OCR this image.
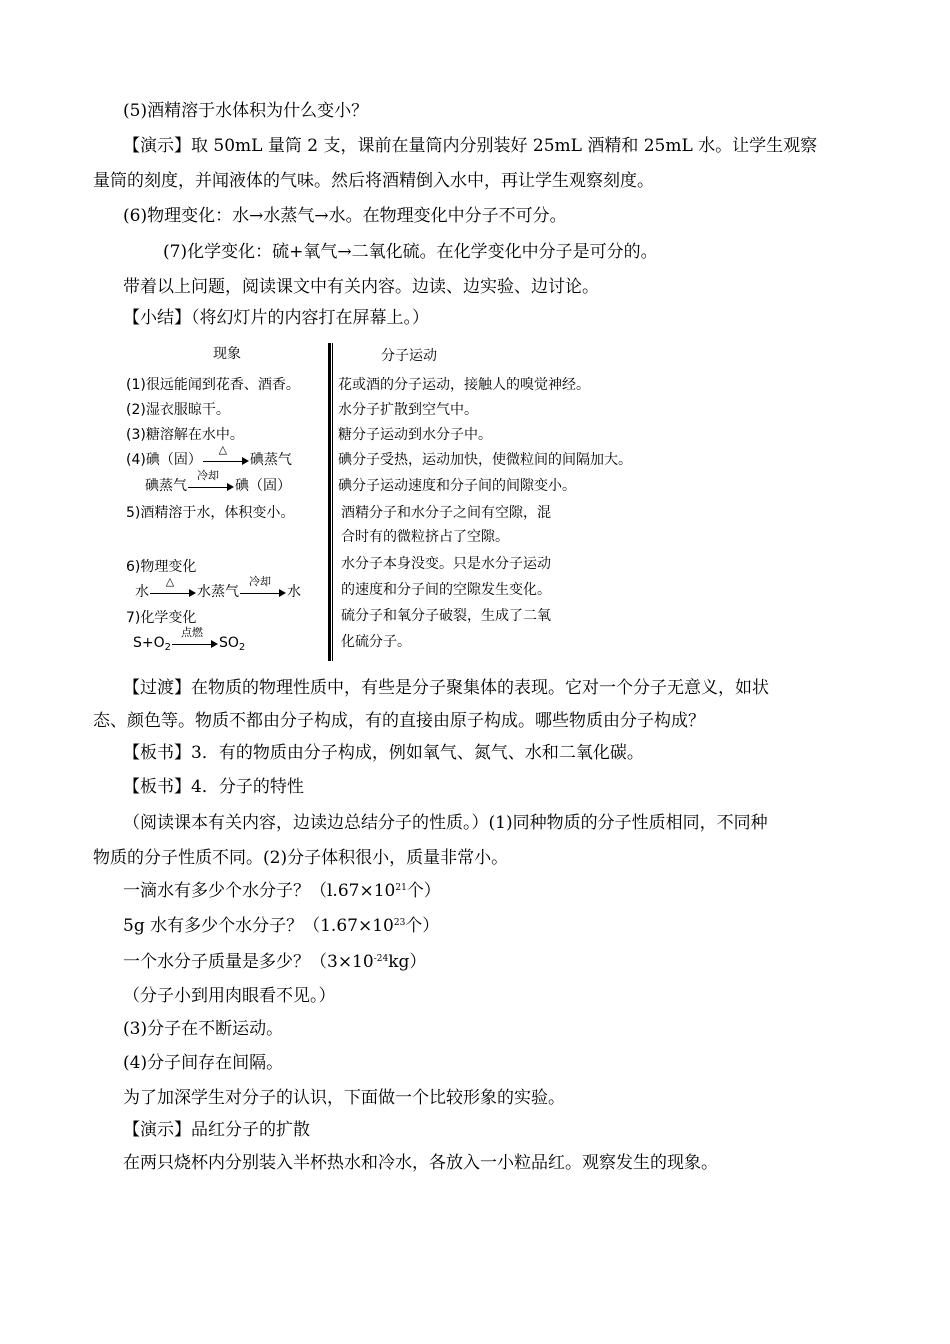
(5)酒精溶于水体积为什么变小？
【演示】取 50mL 量筒 2 支，课前在量筒内分别装好 25mL 酒精和 25mL 水。让学生观察
量筒的刻度，并闻液体的气味。然后将酒精倒入水中，再让学生观察刻度。
(6)物理变化：水→水蒸气→水。在物理变化中分子不可分。
(7)化学变化：硫+氧气→二氧化硫。在化学变化中分子是可分的。
带着以上问题，阅读课文中有关内容。边读、边实验、边讨论。
【小结】（将幻灯片的内容打在屏幕上。）
现象	分子运动
(1)很远能闻到花香、酒香。
(2)湿衣服晾干。
(3)糖溶解在水中。
(4)碘（固）
△
碘蒸气
碘蒸气
冷却
碘（固）
5)酒精溶于水，体积变小。
6)物理变化
水
△
水蒸气
冷却
水
7)化学变化
$S+O_2$
点燃
$SO_2$
花或酒的分子运动，接触人的嗅觉神经。
水分子扩散到空气中。
糖分子运动到水分子中。
碘分子受热，运动加快，使微粒间的间隔加大。
碘分子运动速度和分子间的间隙变小。
酒精分子和水分子之间有空隙，混
合时有的微粒挤占了空隙。
水分子本身没变。只是水分子运动
的速度和分子间的空隙发生变化。
硫分子和氧分子破裂，生成了二氧
化硫分子。
【过渡】在物质的物理性质中，有些是分子聚集体的表现。它对一个分子无意义，如状
态、颜色等。物质不都由分子构成，有的直接由原子构成。哪些物质由分子构成？
【板书】3．有的物质由分子构成，例如氧气、氮气、水和二氧化碳。
【板书】4．分子的特性
（阅读课本有关内容，边读边总结分子的性质。）(1)同种物质的分子性质相同，不同种
物质的分子性质不同。(2)分子体积很小，质量非常小。
一滴水有多少个水分子？（$l.67\times 10^{21}$个）
5g 水有多少个水分子？（$1.67\times 10^{23}$个）
一个水分子质量是多少？$(3\times 10^{-24}kg)$
（分子小到用肉眼看不见。）
(3)分子在不断运动。
(4)分子间存在间隔。
为了加深学生对分子的认识，下面做一个比较形象的实验。
【演示】品红分子的扩散
在两只烧杯内分别装入半杯热水和冷水，各放入一小粒品红。观察发生的现象。
